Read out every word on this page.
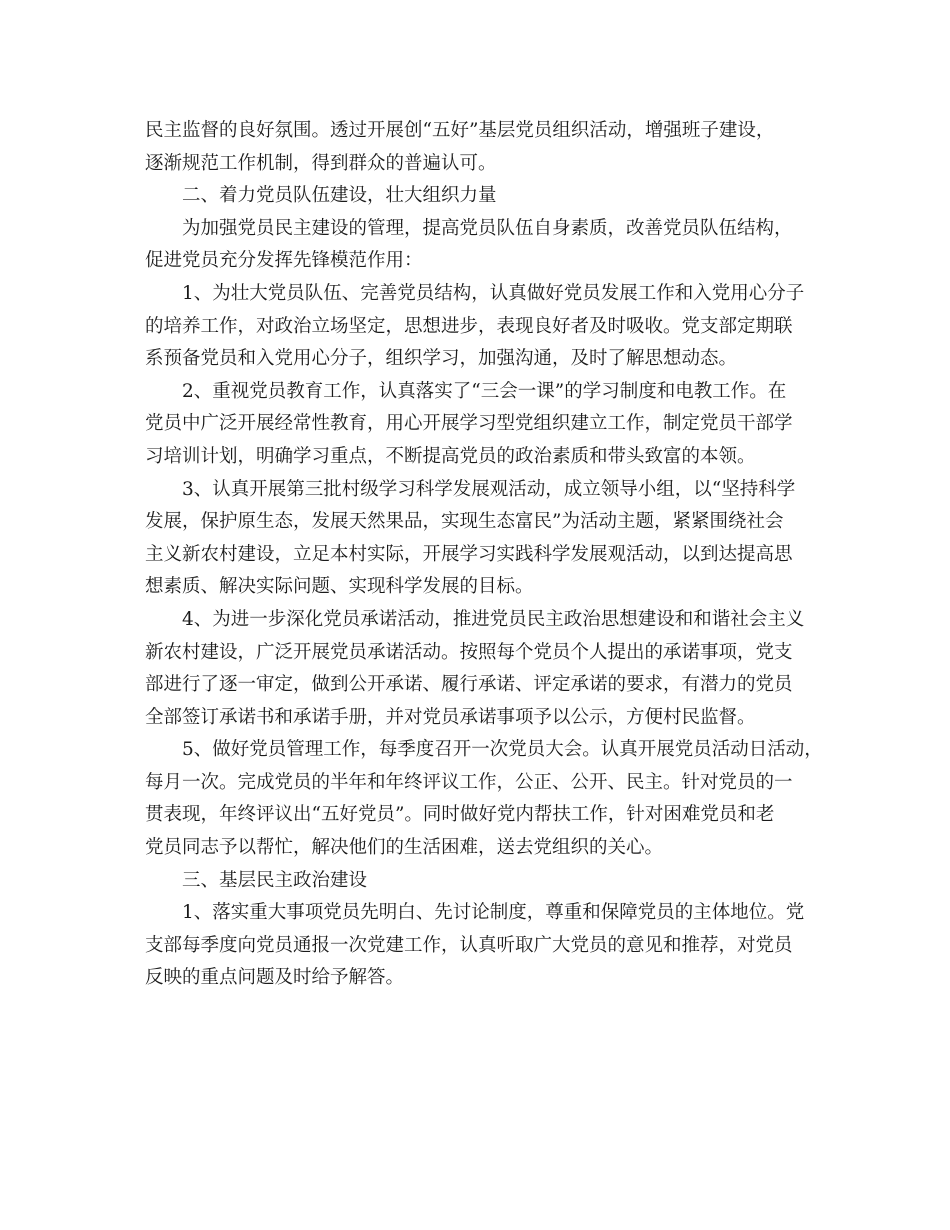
民主监督的良好氛围。透过开展创“五好”基层党员组织活动，增强班子建设，
逐渐规范工作机制，得到群众的普遍认可。
二、着力党员队伍建设，壮大组织力量
为加强党员民主建设的管理，提高党员队伍自身素质，改善党员队伍结构，
促进党员充分发挥先锋模范作用：
1、为壮大党员队伍、完善党员结构，认真做好党员发展工作和入党用心分子
的培养工作，对政治立场坚定，思想进步，表现良好者及时吸收。党支部定期联
系预备党员和入党用心分子，组织学习，加强沟通，及时了解思想动态。
2、重视党员教育工作，认真落实了“三会一课”的学习制度和电教工作。在
党员中广泛开展经常性教育，用心开展学习型党组织建立工作，制定党员干部学
习培训计划，明确学习重点，不断提高党员的政治素质和带头致富的本领。
3、认真开展第三批村级学习科学发展观活动，成立领导小组，以“坚持科学
发展，保护原生态，发展天然果品，实现生态富民”为活动主题，紧紧围绕社会
主义新农村建设，立足本村实际，开展学习实践科学发展观活动，以到达提高思
想素质、解决实际问题、实现科学发展的目标。
4、为进一步深化党员承诺活动，推进党员民主政治思想建设和和谐社会主义
新农村建设，广泛开展党员承诺活动。按照每个党员个人提出的承诺事项，党支
部进行了逐一审定，做到公开承诺、履行承诺、评定承诺的要求，有潜力的党员
全部签订承诺书和承诺手册，并对党员承诺事项予以公示，方便村民监督。
5、做好党员管理工作，每季度召开一次党员大会。认真开展党员活动日活动，
每月一次。完成党员的半年和年终评议工作，公正、公开、民主。针对党员的一
贯表现，年终评议出“五好党员”。同时做好党内帮扶工作，针对困难党员和老
党员同志予以帮忙，解决他们的生活困难，送去党组织的关心。
三、基层民主政治建设
1、落实重大事项党员先明白、先讨论制度，尊重和保障党员的主体地位。党
支部每季度向党员通报一次党建工作，认真听取广大党员的意见和推荐，对党员
反映的重点问题及时给予解答。
